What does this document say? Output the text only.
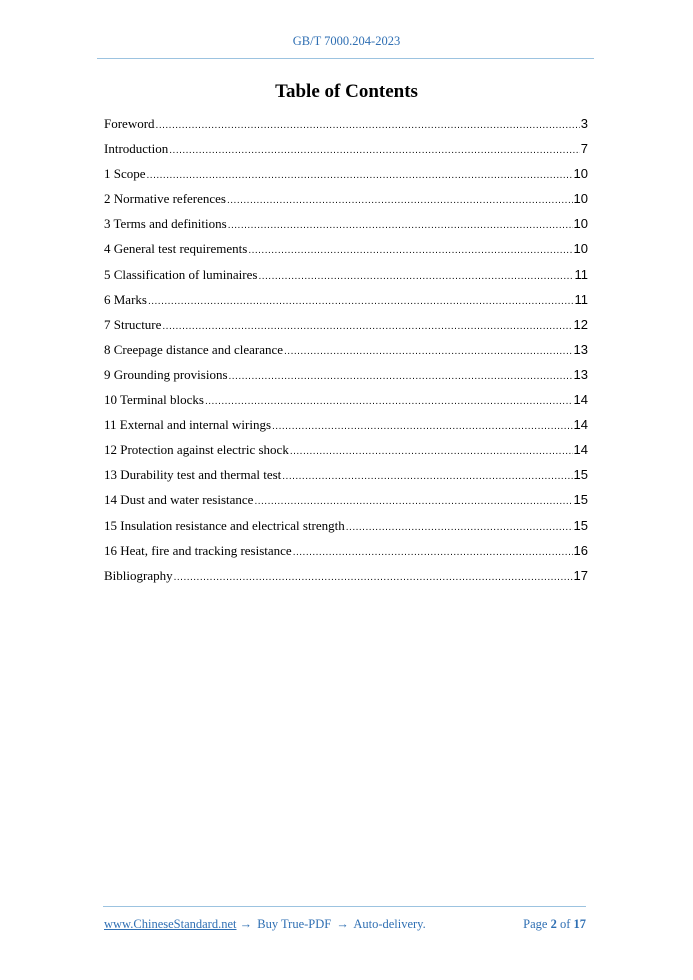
GB/T 7000.204-2023
Table of Contents
Foreword .....	3
Introduction .....	7
1 Scope .....	10
2 Normative references .....	10
3 Terms and definitions .....	10
4 General test requirements .....	10
5 Classification of luminaires .....	11
6 Marks .....	11
7 Structure .....	12
8 Creepage distance and clearance .....	13
9 Grounding provisions .....	13
10 Terminal blocks .....	14
11 External and internal wirings .....	14
12 Protection against electric shock .....	14
13 Durability test and thermal test .....	15
14 Dust and water resistance .....	15
15 Insulation resistance and electrical strength .....	15
16 Heat, fire and tracking resistance .....	16
Bibliography .....	17
www.ChineseStandard.net → Buy True-PDF → Auto-delivery.	Page 2 of 17
